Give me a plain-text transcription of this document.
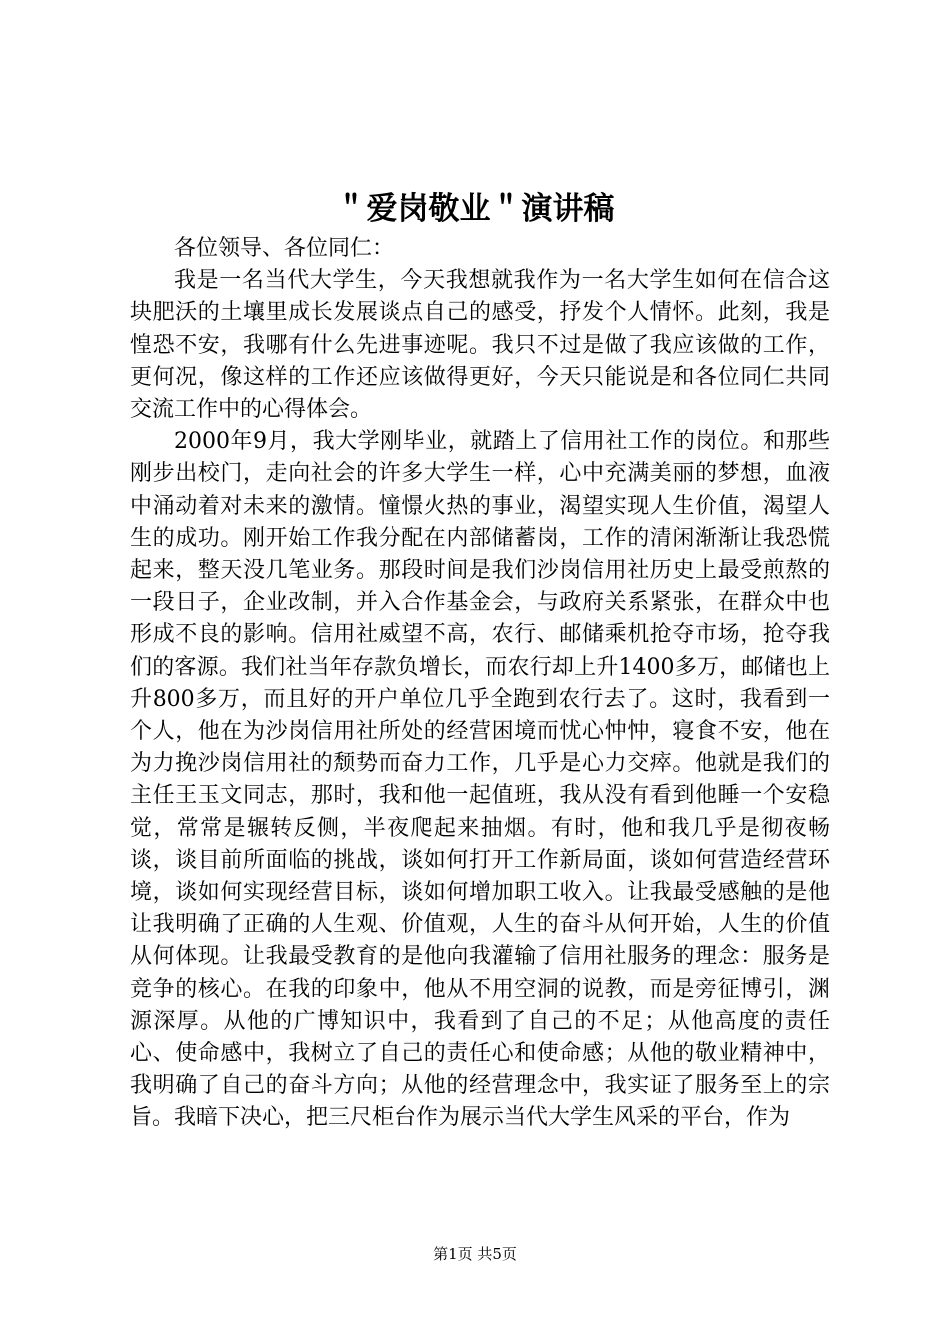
＂爱岗敬业＂演讲稿

各位领导、各位同仁：

我是一名当代大学生，今天我想就我作为一名大学生如何在信合这块肥沃的土壤里成长发展谈点自己的感受，抒发个人情怀。此刻，我是惶恐不安，我哪有什么先进事迹呢。我只不过是做了我应该做的工作，更何况，像这样的工作还应该做得更好，今天只能说是和各位同仁共同交流工作中的心得体会。

2000年9月，我大学刚毕业，就踏上了信用社工作的岗位。和那些刚步出校门，走向社会的许多大学生一样，心中充满美丽的梦想，血液中涌动着对未来的激情。憧憬火热的事业，渴望实现人生价值，渴望人生的成功。刚开始工作我分配在内部储蓄岗，工作的清闲渐渐让我恐慌起来，整天没几笔业务。那段时间是我们沙岗信用社历史上最受煎熬的一段日子，企业改制，并入合作基金会，与政府关系紧张，在群众中也形成不良的影响。信用社威望不高，农行、邮储乘机抢夺市场，抢夺我们的客源。我们社当年存款负增长，而农行却上升1400多万，邮储也上升800多万，而且好的开户单位几乎全跑到农行去了。这时，我看到一个人，他在为沙岗信用社所处的经营困境而忧心忡忡，寝食不安，他在为力挽沙岗信用社的颓势而奋力工作，几乎是心力交瘁。他就是我们的主任王玉文同志，那时，我和他一起值班，我从没有看到他睡一个安稳觉，常常是辗转反侧，半夜爬起来抽烟。有时，他和我几乎是彻夜畅谈，谈目前所面临的挑战，谈如何打开工作新局面，谈如何营造经营环境，谈如何实现经营目标，谈如何增加职工收入。让我最受感触的是他让我明确了正确的人生观、价值观，人生的奋斗从何开始，人生的价值从何体现。让我最受教育的是他向我灌输了信用社服务的理念：服务是竞争的核心。在我的印象中，他从不用空洞的说教，而是旁征博引，渊源深厚。从他的广博知识中，我看到了自己的不足；从他高度的责任心、使命感中，我树立了自己的责任心和使命感；从他的敬业精神中，我明确了自己的奋斗方向；从他的经营理念中，我实证了服务至上的宗旨。我暗下决心，把三尺柜台作为展示当代大学生风采的平台，作为

第1页 共5页
